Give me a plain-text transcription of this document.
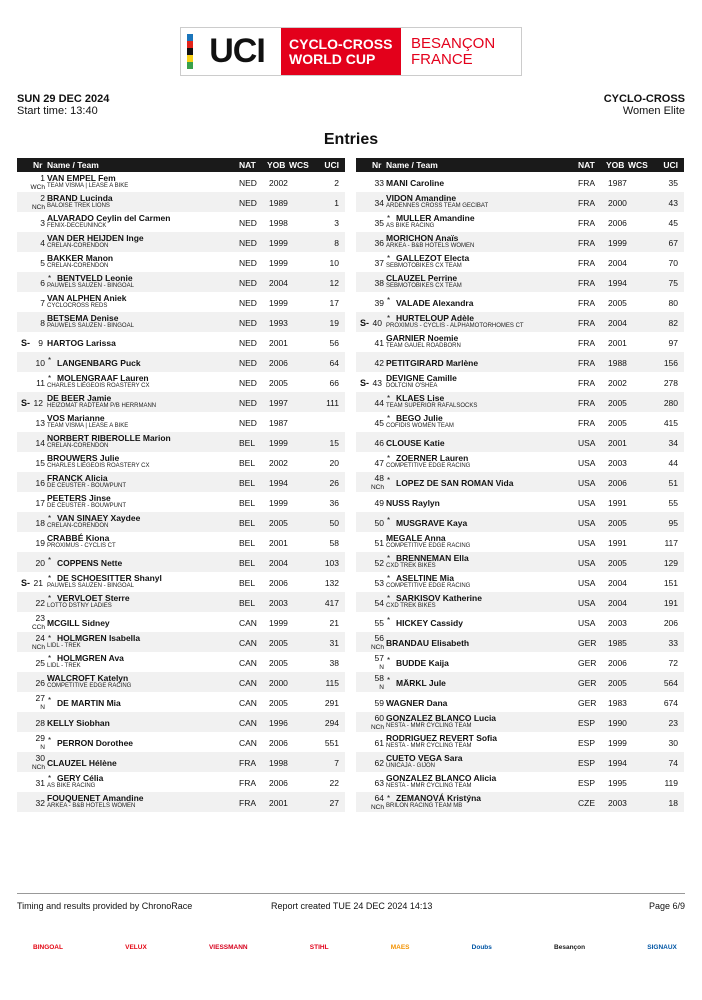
UCI CYCLO-CROSS
WORLD CUP
BESANÇON
FRANCE
SUN 29 DEC 2024
Start time: 13:40
CYCLO-CROSS
Women Elite
Entries
Nr Name / Team	NAT YOB WCS UCI
1
WCh
VAN EMPEL Fem
TEAM VISMA | LEASE A BIKE	NED 2002	2
2
NCh
BRAND Lucinda
BALOISE TREK LIONS	NED 1989	1
3 ALVARADO Ceylin del Carmen
FENIX-DECEUNINCK	NED 1998	3
4 VAN DER HEIJDEN Inge
CRELAN-CORENDON	NED 1999	8
5 BAKKER Manon
CRELAN-CORENDON	NED 1999	10
6 * BENTVELD Leonie
PAUWELS SAUZEN - BINGOAL	NED 2004	12
7 VAN ALPHEN Aniek
CYCLOCROSS REDS	NED 1999	17
8 BETSEMA Denise
PAUWELS SAUZEN - BINGOAL	NED 1993	19
S- 9 HARTOG Larissa	NED 2001	56
10 * LANGENBARG Puck	NED 2006	64
11 * MOLENGRAAF Lauren
CHARLES LIÉGEOIS ROASTERY CX	NED 2005	66
S- 12 DE BEER Jamie
HEIZOMAT RADTEAM P/B HERRMANN	NED 1997	111
13 VOS Marianne
TEAM VISMA | LEASE A BIKE	NED 1987
14 NORBERT RIBEROLLE Marion
CRELAN-CORENDON	BEL 1999	15
15 BROUWERS Julie
CHARLES LIÉGEOIS ROASTERY CX	BEL 2002	20
16 FRANCK Alicia
DE CEUSTER - BOUWPUNT	BEL 1994	26
17 PEETERS Jinse
DE CEUSTER - BOUWPUNT	BEL 1999	36
18 * VAN SINAEY Xaydee
CRELAN-CORENDON	BEL 2005	50
19 CRABBÉ Kiona
PROXIMUS - CYCLIS CT	BEL 2001	58
20 * COPPENS Nette	BEL 2004	103
S- 21 * DE SCHOESITTER Shanyl
PAUWELS SAUZEN - BINGOAL	BEL 2006	132
22 * VERVLOET Sterre
LOTTO DSTNY LADIES	BEL 2003	417
23
CCh MCGILL Sidney	CAN 1999	21
24
NCh
* HOLMGREN Isabella
LIDL - TREK	CAN 2005	31
25 * HOLMGREN Ava
LIDL - TREK	CAN 2005	38
26 WALCROFT Katelyn
COMPETITIVE EDGE RACING	CAN 2000	115
27
N
* DE MARTIN Mia	CAN 2005	291
28 KELLY Siobhan	CAN 1996	294
29
N
* PERRON Dorothee	CAN 2006	551
30
NCh CLAUZEL Hélène	FRA 1998	7
31 * GERY Célia
AS BIKE RACING	FRA 2006	22
32 FOUQUENET Amandine
ARKEA - B&B HOTELS WOMEN	FRA 2001	27
Nr Name / Team	NAT YOB WCS UCI
33 MANI Caroline	FRA 1987	35
34 VIDON Amandine
ARDENNES CROSS TEAM GECIBAT	FRA 2000	43
35 * MULLER Amandine
AS BIKE RACING	FRA 2006	45
36 MORICHON Anaïs
ARKEA - B&B HOTELS WOMEN	FRA 1999	67
37 * GALLEZOT Electa
SEBMOTOBIKES CX TEAM	FRA 2004	70
38 CLAUZEL Perrine
SEBMOTOBIKES CX TEAM	FRA 1994	75
39 * VALADE Alexandra	FRA 2005	80
S- 40 * HURTELOUP Adèle
PROXIMUS - CYCLIS - ALPHAMOTORHOMES CT	FRA 2004	82
41 GARNIER Noemie
TEAM GAUEL ROADBORN	FRA 2001	97
42 PETITGIRARD Marlène	FRA 1988	156
S- 43 DEVIGNE Camille
DOLTCINI O'SHEA	FRA 2002	278
44 * KLAES Lise
TEAM SUPERIOR RAFALSOCKS	FRA 2005	280
45 * BEGO Julie
COFIDIS WOMEN TEAM	FRA 2005	415
46 CLOUSE Katie	USA 2001	34
47 * ZOERNER Lauren
COMPETITIVE EDGE RACING	USA 2003	44
48
NCh
* LOPEZ DE SAN ROMAN Vida	USA 2006	51
49 NUSS Raylyn	USA 1991	55
50 * MUSGRAVE Kaya	USA 2005	95
51 MEGALE Anna
COMPETITIVE EDGE RACING	USA 1991	117
52 * BRENNEMAN Ella
CXD TREK BIKES	USA 2005	129
53 * ASELTINE Mia
COMPETITIVE EDGE RACING	USA 2004	151
54 * SARKISOV Katherine
CXD TREK BIKES	USA 2004	191
55 * HICKEY Cassidy	USA 2003	206
56
NCh BRANDAU Elisabeth	GER 1985	33
57
N
* BUDDE Kaija	GER 2006	72
58
N
* MÄRKL Jule	GER 2005	564
59 WAGNER Dana	GER 1983	674
60
NCh
GONZALEZ BLANCO Lucia
NESTA - MMR CYCLING TEAM	ESP 1990	23
61 RODRIGUEZ REVERT Sofia
NESTA - MMR CYCLING TEAM	ESP 1999	30
62 CUETO VEGA Sara
UNICAJA - GIJON	ESP 1994	74
63 GONZALEZ BLANCO Alicia
NESTA - MMR CYCLING TEAM	ESP 1995	119
64
NCh
* ZEMANOVÁ Kristýna
BRILON RACING TEAM MB	CZE 2003	18
Timing and results provided by ChronoRace	Report created TUE 24 DEC 2024 14:13	Page 6/9
BINGOAL	VELUX	VIESSMANN	STIHL	MAES	Doubs	Besançon	SIGNAUX
